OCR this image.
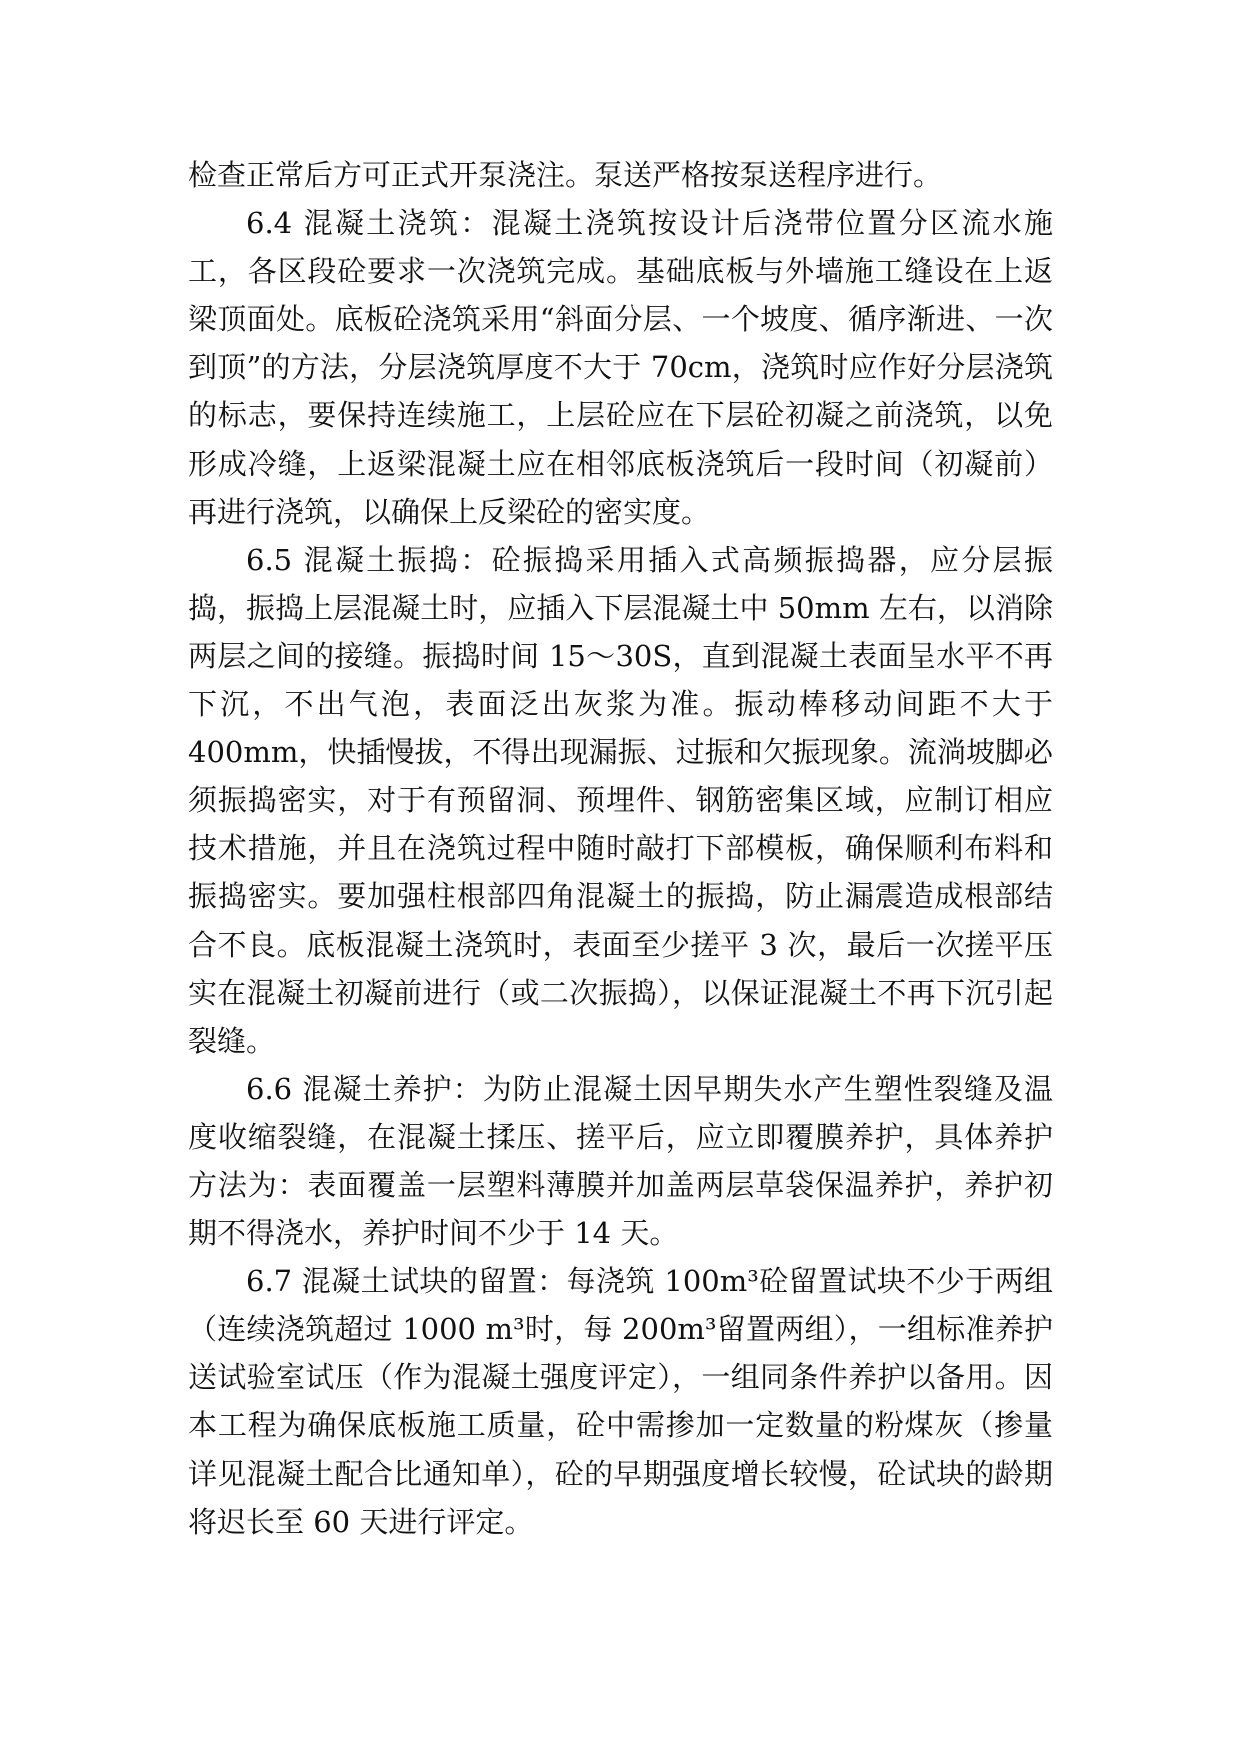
检查正常后方可正式开泵浇注。泵送严格按泵送程序进行。

6.4 混凝土浇筑：混凝土浇筑按设计后浇带位置分区流水施工，各区段砼要求一次浇筑完成。基础底板与外墙施工缝设在上返梁顶面处。底板砼浇筑采用“斜面分层、一个坡度、循序渐进、一次到顶”的方法，分层浇筑厚度不大于 70cm，浇筑时应作好分层浇筑的标志，要保持连续施工，上层砼应在下层砼初凝之前浇筑，以免形成冷缝，上返梁混凝土应在相邻底板浇筑后一段时间（初凝前）再进行浇筑，以确保上反梁砼的密实度。

6.5 混凝土振捣：砼振捣采用插入式高频振捣器，应分层振捣，振捣上层混凝土时，应插入下层混凝土中 50mm 左右，以消除两层之间的接缝。振捣时间 15～30S，直到混凝土表面呈水平不再下沉，不出气泡，表面泛出灰浆为准。振动棒移动间距不大于 400mm，快插慢拔，不得出现漏振、过振和欠振现象。流淌坡脚必须振捣密实，对于有预留洞、预埋件、钢筋密集区域，应制订相应技术措施，并且在浇筑过程中随时敲打下部模板，确保顺利布料和振捣密实。要加强柱根部四角混凝土的振捣，防止漏震造成根部结合不良。底板混凝土浇筑时，表面至少搓平 3 次，最后一次搓平压实在混凝土初凝前进行（或二次振捣），以保证混凝土不再下沉引起裂缝。

6.6 混凝土养护：为防止混凝土因早期失水产生塑性裂缝及温度收缩裂缝，在混凝土揉压、搓平后，应立即覆膜养护，具体养护方法为：表面覆盖一层塑料薄膜并加盖两层草袋保温养护，养护初期不得浇水，养护时间不少于 14 天。

6.7 混凝土试块的留置：每浇筑 100m³砼留置试块不少于两组（连续浇筑超过 1000 m³时，每 200m³留置两组），一组标准养护送试验室试压（作为混凝土强度评定），一组同条件养护以备用。因本工程为确保底板施工质量，砼中需掺加一定数量的粉煤灰（掺量详见混凝土配合比通知单），砼的早期强度增长较慢，砼试块的龄期将迟长至 60 天进行评定。
